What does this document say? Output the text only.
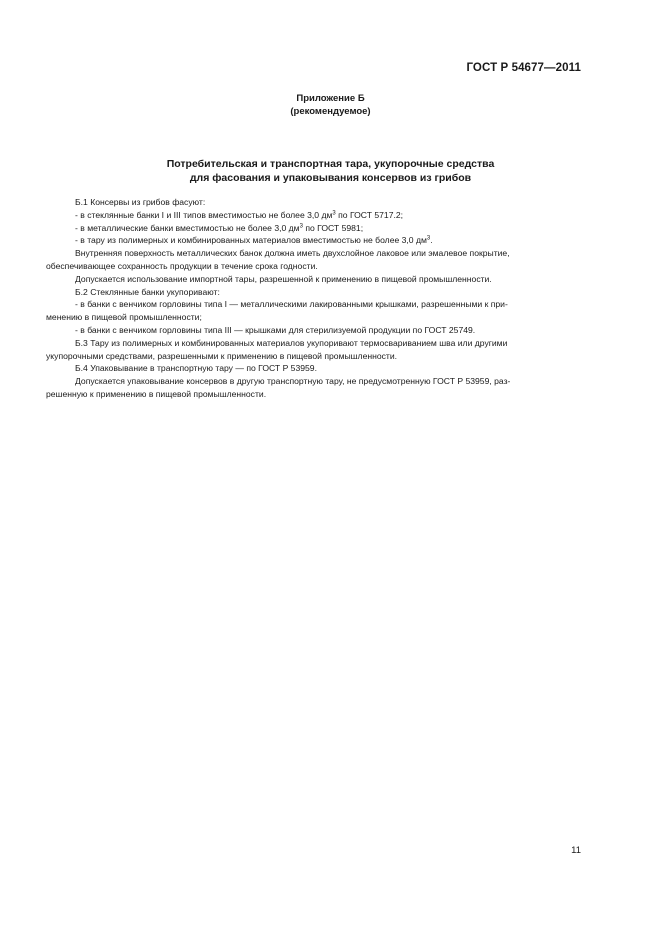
ГОСТ Р 54677—2011
Приложение Б
(рекомендуемое)
Потребительская и транспортная тара, укупорочные средства
для фасования и упаковывания консервов из грибов

Б.1 Консервы из грибов фасуют:

- в стеклянные банки I и III типов вместимостью не более 3,0 $дм^3$ по ГОСТ 5717.2;

- в металлические банки вместимостью не более 3,0 $дм^3$ по ГОСТ 5981;

- в тару из полимерных и комбинированных материалов вместимостью не более 3,0 $дм^3$.

Внутренняя поверхность металлических банок должна иметь двухслойное лаковое или эмалевое покрытие,

обеспечивающее сохранность продукции в течение срока годности.

Допускается использование импортной тары, разрешенной к применению в пищевой промышленности.

Б.2 Стеклянные банки укупоривают:

- в банки с венчиком горловины типа I — металлическими лакированными крышками, разрешенными к при-

менению в пищевой промышленности;

- в банки с венчиком горловины типа III — крышками для стерилизуемой продукции по ГОСТ 25749.

Б.3 Тару из полимерных и комбинированных материалов укупоривают термосвариванием шва или другими

укупорочными средствами, разрешенными к применению в пищевой промышленности.

Б.4 Упаковывание в транспортную тару — по ГОСТ Р 53959.

Допускается упаковывание консервов в другую транспортную тару, не предусмотренную ГОСТ Р 53959, раз-

решенную к применению в пищевой промышленности.

11
